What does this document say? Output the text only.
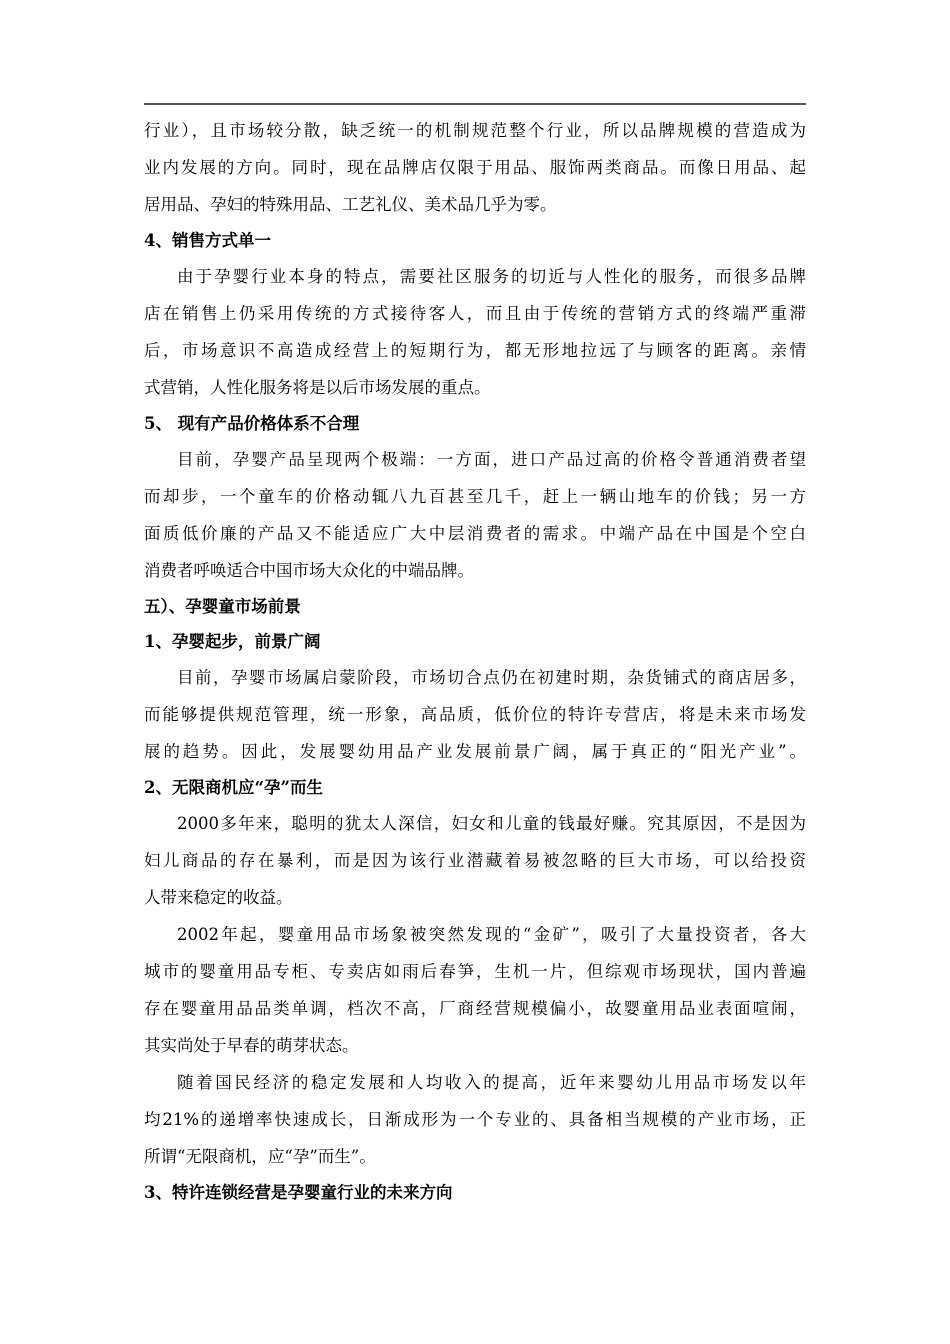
行业），且市场较分散，缺乏统一的机制规范整个行业，所以品牌规模的营造成为
业内发展的方向。同时，现在品牌店仅限于用品、服饰两类商品。而像日用品、起
居用品、孕妇的特殊用品、工艺礼仪、美术品几乎为零。
4、销售方式单一
由于孕婴行业本身的特点，需要社区服务的切近与人性化的服务，而很多品牌
店在销售上仍采用传统的方式接待客人，而且由于传统的营销方式的终端严重滞
后，市场意识不高造成经营上的短期行为，都无形地拉远了与顾客的距离。亲情
式营销，人性化服务将是以后市场发展的重点。
5、 现有产品价格体系不合理
目前，孕婴产品呈现两个极端：一方面，进口产品过高的价格令普通消费者望
而却步，一个童车的价格动辄八九百甚至几千，赶上一辆山地车的价钱；另一方
面质低价廉的产品又不能适应广大中层消费者的需求。中端产品在中国是个空白
消费者呼唤适合中国市场大众化的中端品牌。
五）、孕婴童市场前景
1、孕婴起步，前景广阔
目前，孕婴市场属启蒙阶段，市场切合点仍在初建时期，杂货铺式的商店居多，
而能够提供规范管理，统一形象，高品质，低价位的特许专营店，将是未来市场发
展的趋势。因此，发展婴幼用品产业发展前景广阔，属于真正的“阳光产业”。
2、无限商机应“孕”而生
2000多年来，聪明的犹太人深信，妇女和儿童的钱最好赚。究其原因，不是因为
妇儿商品的存在暴利，而是因为该行业潜藏着易被忽略的巨大市场，可以给投资
人带来稳定的收益。
2002年起，婴童用品市场象被突然发现的“金矿”，吸引了大量投资者，各大
城市的婴童用品专柜、专卖店如雨后春笋，生机一片，但综观市场现状，国内普遍
存在婴童用品品类单调，档次不高，厂商经营规模偏小，故婴童用品业表面喧闹，
其实尚处于早春的萌芽状态。
随着国民经济的稳定发展和人均收入的提高，近年来婴幼儿用品市场发以年
均21%的递增率快速成长，日渐成形为一个专业的、具备相当规模的产业市场，正
所谓“无限商机，应“孕”而生”。
3、特许连锁经营是孕婴童行业的未来方向
